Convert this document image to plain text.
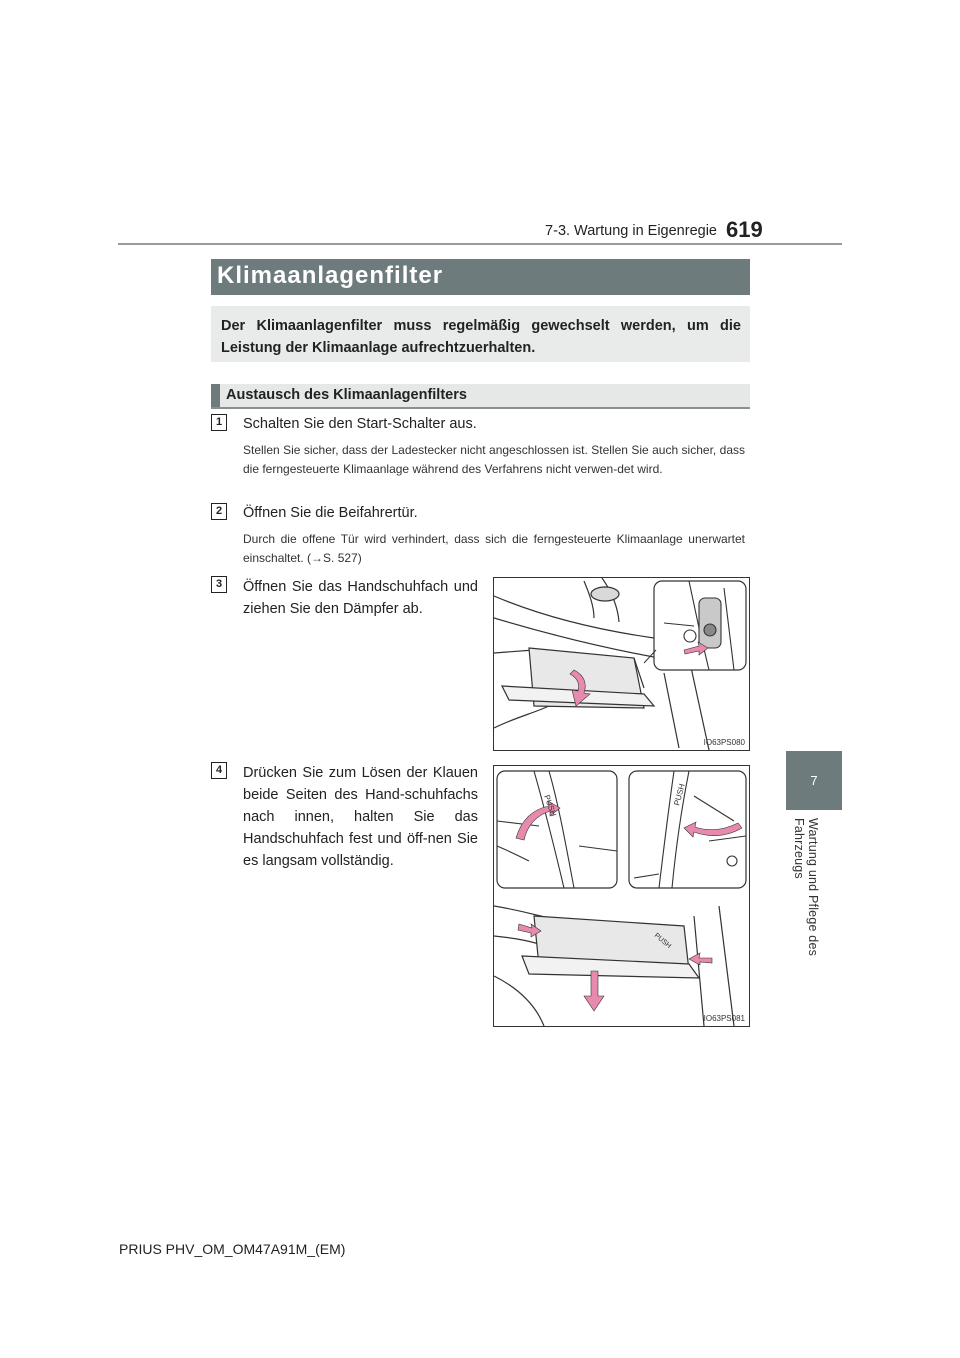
7-3. Wartung in Eigenregie 619
7
Wartung und Pflege des Fahrzeugs
Klimaanlagenfilter

Der Klimaanlagenfilter muss regelmäßig gewechselt werden, um die Leistung der Klimaanlage aufrechtzuerhalten.

Austausch des Klimaanlagenfilters
1	Schalten Sie den Start-Schalter aus.
Stellen Sie sicher, dass der Ladestecker nicht angeschlossen ist. Stellen Sie auch sicher, dass die ferngesteuerte Klimaanlage während des Verfahrens nicht verwen-det wird.
2	Öffnen Sie die Beifahrertür.
Durch die offene Tür wird verhindert, dass sich die ferngesteuerte Klimaanlage unerwartet einschaltet. (→S. 527)
3	Öffnen Sie das Handschuhfach und ziehen Sie den Dämpfer ab.
IO63PS080
4	Drücken Sie zum Lösen der Klauen beide Seiten des Hand-schuhfachs nach innen, halten Sie das Handschuhfach fest und öff-nen Sie es langsam vollständig.
PUSH	PUSH
PUSH
IO63PS081
PRIUS PHV_OM_OM47A91M_(EM)
